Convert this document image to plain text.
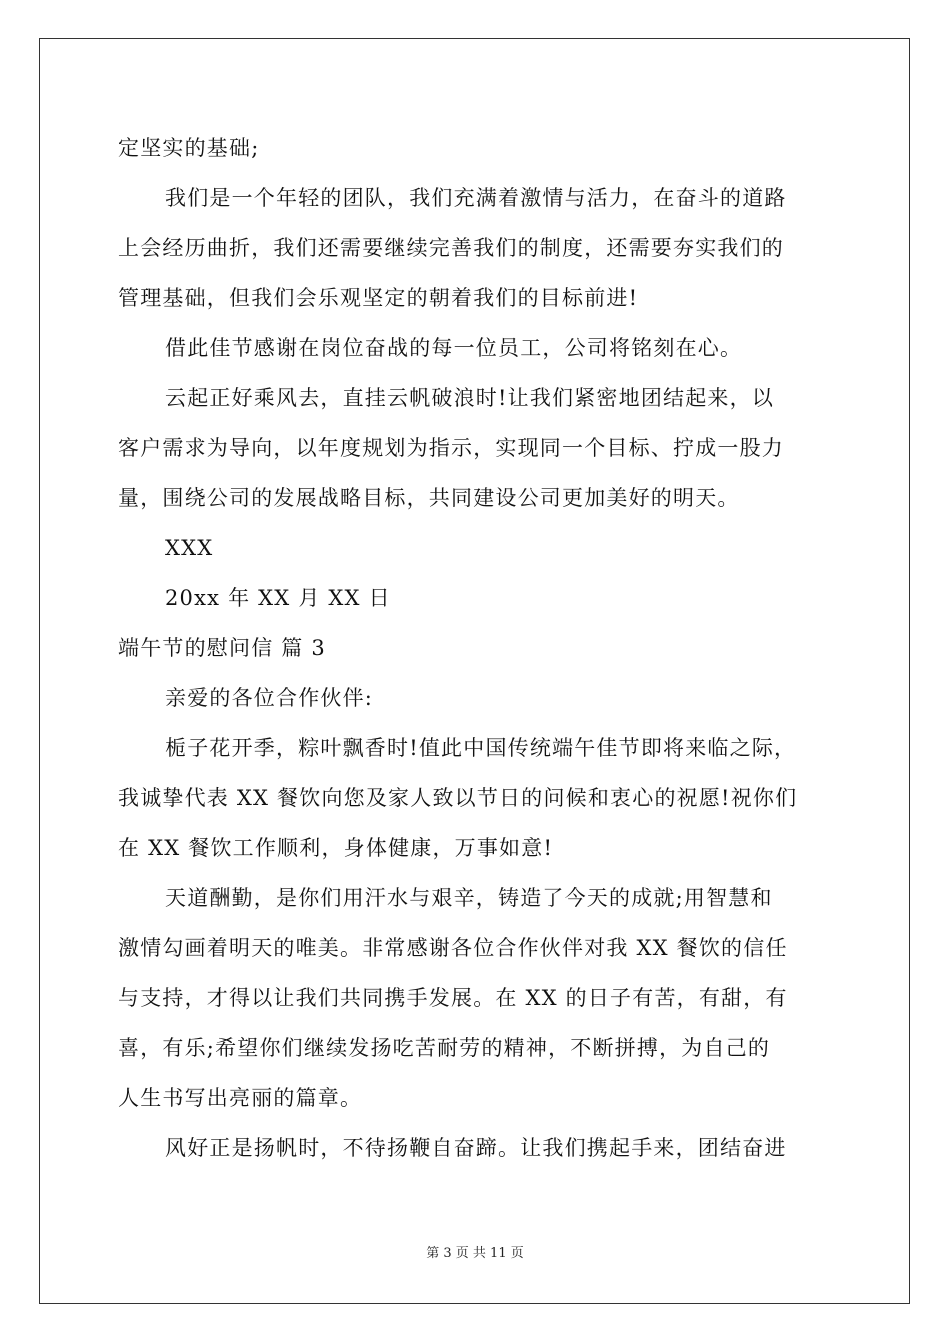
定坚实的基础;
我们是一个年轻的团队，我们充满着激情与活力，在奋斗的道路
上会经历曲折，我们还需要继续完善我们的制度，还需要夯实我们的
管理基础，但我们会乐观坚定的朝着我们的目标前进!
借此佳节感谢在岗位奋战的每一位员工，公司将铭刻在心。
云起正好乘风去，直挂云帆破浪时!让我们紧密地团结起来，以
客户需求为导向，以年度规划为指示，实现同一个目标、拧成一股力
量，围绕公司的发展战略目标，共同建设公司更加美好的明天。
XXX
20xx 年 XX 月 XX 日
端午节的慰问信 篇 3
亲爱的各位合作伙伴:
栀子花开季，粽叶飘香时!值此中国传统端午佳节即将来临之际，
我诚挚代表 XX 餐饮向您及家人致以节日的问候和衷心的祝愿!祝你们
在 XX 餐饮工作顺利，身体健康，万事如意!
天道酬勤，是你们用汗水与艰辛，铸造了今天的成就;用智慧和
激情勾画着明天的唯美。非常感谢各位合作伙伴对我 XX 餐饮的信任
与支持，才得以让我们共同携手发展。在 XX 的日子有苦，有甜，有
喜，有乐;希望你们继续发扬吃苦耐劳的精神，不断拼搏，为自己的
人生书写出亮丽的篇章。
风好正是扬帆时，不待扬鞭自奋蹄。让我们携起手来，团结奋进
第 3 页 共 11 页
